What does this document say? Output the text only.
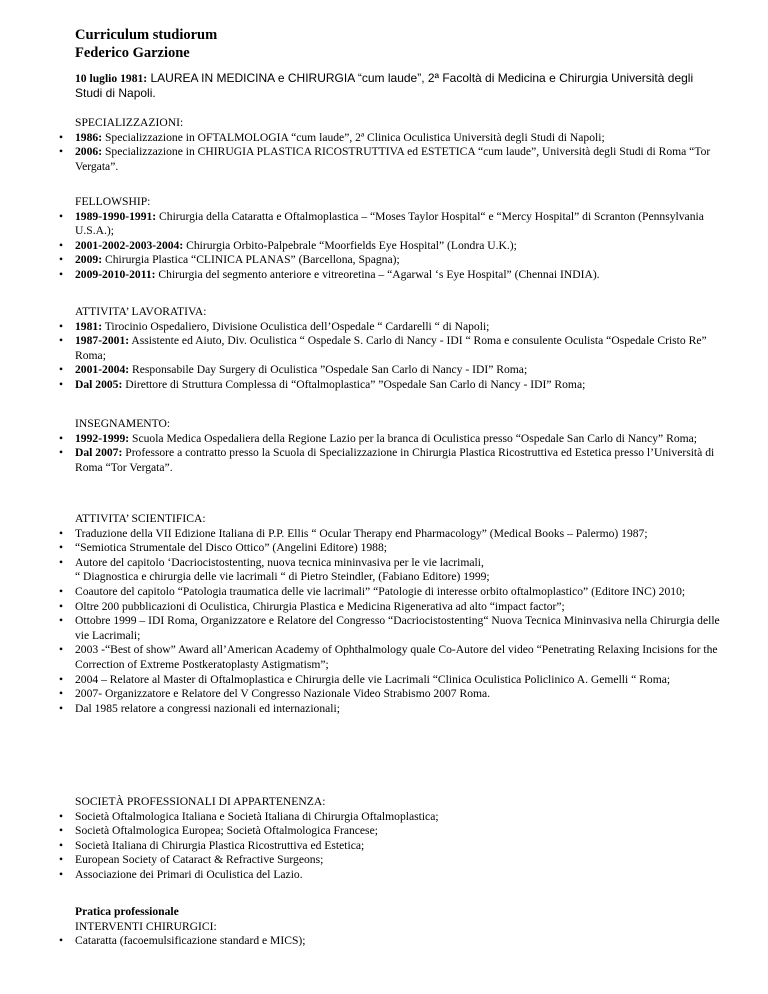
Curriculum studiorum
Federico Garzione
10 luglio 1981: LAUREA IN MEDICINA e CHIRURGIA “cum laude”, 2ª Facoltà di Medicina e Chirurgia Università degli Studi di Napoli.
SPECIALIZZAZIONI:
• 1986: Specializzazione in OFTALMOLOGIA “cum laude”, 2ª Clinica Oculistica Università degli Studi di Napoli;
• 2006: Specializzazione in CHIRUGIA PLASTICA RICOSTRUTTIVA ed ESTETICA “cum laude”, Università degli Studi di Roma “Tor Vergata”.
FELLOWSHIP:
• 1989-1990-1991: Chirurgia della Cataratta e Oftalmoplastica – “Moses Taylor Hospital“ e “Mercy Hospital” di Scranton (Pennsylvania U.S.A.);
• 2001-2002-2003-2004: Chirurgia Orbito-Palpebrale “Moorfields Eye Hospital” (Londra U.K.);
• 2009: Chirurgia Plastica “CLINICA PLANAS” (Barcellona, Spagna);
• 2009-2010-2011: Chirurgia del segmento anteriore e vitreoretina – “Agarwal ‘s Eye Hospital” (Chennai INDIA).
ATTIVITA’ LAVORATIVA:
• 1981: Tirocinio Ospedaliero, Divisione Oculistica dell’Ospedale “ Cardarelli “ di Napoli;
• 1987-2001: Assistente ed Aiuto, Div. Oculistica “ Ospedale S. Carlo di Nancy - IDI “ Roma e consulente Oculista “Ospedale Cristo Re” Roma;
• 2001-2004: Responsabile Day Surgery di Oculistica ”Ospedale San Carlo di Nancy - IDI” Roma;
• Dal 2005: Direttore di Struttura Complessa di “Oftalmoplastica” ”Ospedale San Carlo di Nancy - IDI” Roma;
INSEGNAMENTO:
• 1992-1999: Scuola Medica Ospedaliera della Regione Lazio per la branca di Oculistica presso “Ospedale San Carlo di Nancy” Roma;
• Dal 2007: Professore a contratto presso la Scuola di Specializzazione in Chirurgia Plastica Ricostruttiva ed Estetica presso l’Università di Roma “Tor Vergata”.
ATTIVITA’ SCIENTIFICA:
• Traduzione della VII Edizione Italiana di P.P. Ellis “ Ocular Therapy end Pharmacology” (Medical Books – Palermo) 1987;
• “Semiotica Strumentale del Disco Ottico” (Angelini Editore) 1988;
• Autore del capitolo ‘Dacriocistostenting, nuova tecnica mininvasiva per le vie lacrimali,
“ Diagnostica e chirurgia delle vie lacrimali “ di Pietro Steindler, (Fabiano Editore) 1999;
• Coautore del capitolo “Patologia traumatica delle vie lacrimali” “Patologie di interesse orbito oftalmoplastico” (Editore INC) 2010;
• Oltre 200 pubblicazioni di Oculistica, Chirurgia Plastica e Medicina Rigenerativa ad alto “impact factor”;
• Ottobre 1999 – IDI Roma, Organizzatore e Relatore del Congresso “Dacriocistostenting“ Nuova Tecnica Mininvasiva nella Chirurgia delle vie Lacrimali;
• 2003 -“Best of show” Award all’American Academy of Ophthalmology quale Co-Autore del video “Penetrating Relaxing Incisions for the Correction of Extreme Postkeratoplasty Astigmatism”;
• 2004 – Relatore al Master di Oftalmoplastica e Chirurgia delle vie Lacrimali “Clinica Oculistica Policlinico A. Gemelli “ Roma;
• 2007- Organizzatore e Relatore del V Congresso Nazionale Video Strabismo 2007 Roma.
• Dal 1985 relatore a congressi nazionali ed internazionali;
SOCIETÀ PROFESSIONALI DI APPARTENENZA:
• Società Oftalmologica Italiana e Società Italiana di Chirurgia Oftalmoplastica;
• Società Oftalmologica Europea; Società Oftalmologica Francese;
• Società Italiana di Chirurgia Plastica Ricostruttiva ed Estetica;
• European Society of Cataract & Refractive Surgeons;
• Associazione dei Primari di Oculistica del Lazio.
Pratica professionale
INTERVENTI CHIRURGICI:
• Cataratta (facoemulsificazione standard e MICS);
